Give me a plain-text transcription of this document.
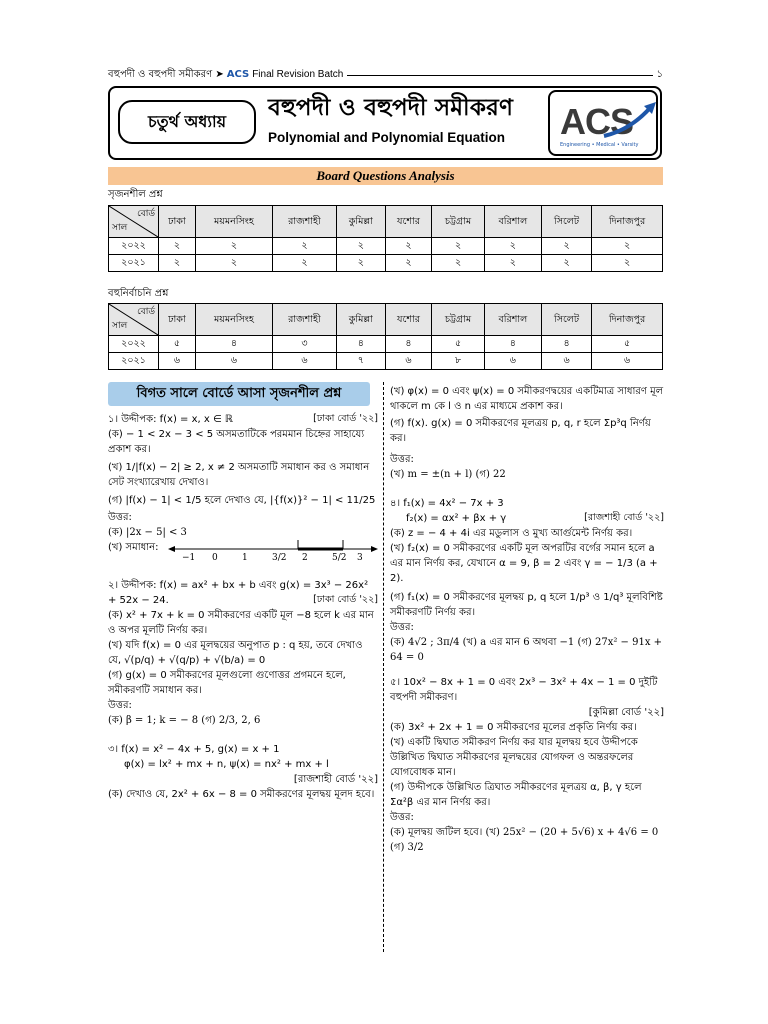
বহুপদী ও বহুপদী সমীকরণ ➤ ACS Final Revision Batch	১
চতুর্থ অধ্যায়
বহুপদী ও বহুপদী সমীকরণ
Polynomial and Polynomial Equation	ACS
Engineering • Medical • Varsity
Board Questions Analysis
সৃজনশীল প্রশ্ন
বোর্ড
সাল	ঢাকা	ময়মনসিংহ	রাজশাহী	কুমিল্লা	যশোর	চট্টগ্রাম	বরিশাল	সিলেট	দিনাজপুর
২০২২	২	২	২	২	২	২	২	২	২
২০২১	২	২	২	২	২	২	২	২	২
বহুনির্বাচনি প্রশ্ন
বোর্ড
সাল	ঢাকা	ময়মনসিংহ	রাজশাহী	কুমিল্লা	যশোর	চট্টগ্রাম	বরিশাল	সিলেট	দিনাজপুর
২০২২	৫	৪	৩	৪	৪	৫	৪	৪	৫
২০২১	৬	৬	৬	৭	৬	৮	৬	৬	৬
বিগত সালে বোর্ডে আসা সৃজনশীল প্রশ্ন

১। উদ্দীপক: f(x) = x, x ∈ ℝ	[ঢাকা বোর্ড '২২]

(ক) − 1 < 2x − 3 < 5 অসমতাটিকে পরমমান চিহ্নের সাহায্যে প্রকাশ কর।

(খ) 1/|f(x) − 2| ≥ 2, x ≠ 2 অসমতাটি সমাধান কর ও সমাধান সেট সংখ্যারেখায় দেখাও।

(গ) |f(x) − 1| < 1/5 হলে দেখাও যে, |{f(x)}² − 1| < 11/25

উত্তর:

(ক) |2x − 5| < 3

(খ) সমাধান:
−1 0	1	3/2 2	5/2 3

২। উদ্দীপক: f(x) = ax² + bx + b এবং g(x) = 3x³ − 26x² + 52x − 24.	[ঢাকা বোর্ড '২২]

(ক) x² + 7x + k = 0 সমীকরণের একটি মূল −8 হলে k এর মান ও অপর মূলটি নির্ণয় কর।

(খ) যদি f(x) = 0 এর মূলদ্বয়ের অনুপাত p : q হয়, তবে দেখাও যে, √(p/q) + √(q/p) + √(b/a) = 0

(গ) g(x) = 0 সমীকরণের মূলগুলো গুণোত্তর প্রগমনে হলে, সমীকরণটি সমাধান কর।

উত্তর:

(ক) β = 1; k = − 8 (গ) 2/3, 2, 6

৩। f(x) = x² − 4x + 5, g(x) = x + 1

φ(x) = lx² + mx + n, ψ(x) = nx² + mx + l

[রাজশাহী বোর্ড '২২]

(ক) দেখাও যে, 2x² + 6x − 8 = 0 সমীকরণের মূলদ্বয় মূলদ হবে।

(খ) φ(x) = 0 এবং ψ(x) = 0 সমীকরণদ্বয়ের একটিমাত্র সাধারণ মূল থাকলে m কে l ও n এর মাধ্যমে প্রকাশ কর।

(গ) f(x). g(x) = 0 সমীকরণের মূলত্রয় p, q, r হলে Σp³q নির্ণয় কর।

উত্তর:

(খ) m = ±(n + l) (গ) 22

৪। f₁(x) = 4x² − 7x + 3

f₂(x) = αx² + βx + γ	[রাজশাহী বোর্ড '২২]

(ক) z = − 4 + 4i এর মডুলাস ও মুখ্য আর্গুমেন্ট নির্ণয় কর।

(খ) f₂(x) = 0 সমীকরণের একটি মূল অপরটির বর্গের সমান হলে a এর মান নির্ণয় কর, যেখানে α = 9, β = 2 এবং γ = − 1/3 (a + 2).

(গ) f₁(x) = 0 সমীকরণের মূলদ্বয় p, q হলে 1/p³ ও 1/q³ মূলবিশিষ্ট সমীকরণটি নির্ণয় কর।

উত্তর:

(ক) 4√2 ; 3π/4 (খ) a এর মান 6 অথবা −1 (গ) 27x² − 91x + 64 = 0

৫। 10x² − 8x + 1 = 0 এবং 2x³ − 3x² + 4x − 1 = 0 দুইটি বহুপদী সমীকরণ।

[কুমিল্লা বোর্ড '২২]

(ক) 3x² + 2x + 1 = 0 সমীকরণের মূলের প্রকৃতি নির্ণয় কর।

(খ) একটি দ্বিঘাত সমীকরণ নির্ণয় কর যার মূলদ্বয় হবে উদ্দীপকে উল্লিখিত দ্বিঘাত সমীকরণের মূলদ্বয়ের যোগফল ও অন্তরফলের যোগবোধক মান।

(গ) উদ্দীপকে উল্লিখিত ত্রিঘাত সমীকরণের মূলত্রয় α, β, γ হলে Σα²β এর মান নির্ণয় কর।

উত্তর:

(ক) মূলদ্বয় জটিল হবে। (খ) 25x² − (20 + 5√6) x + 4√6 = 0 (গ) 3/2
